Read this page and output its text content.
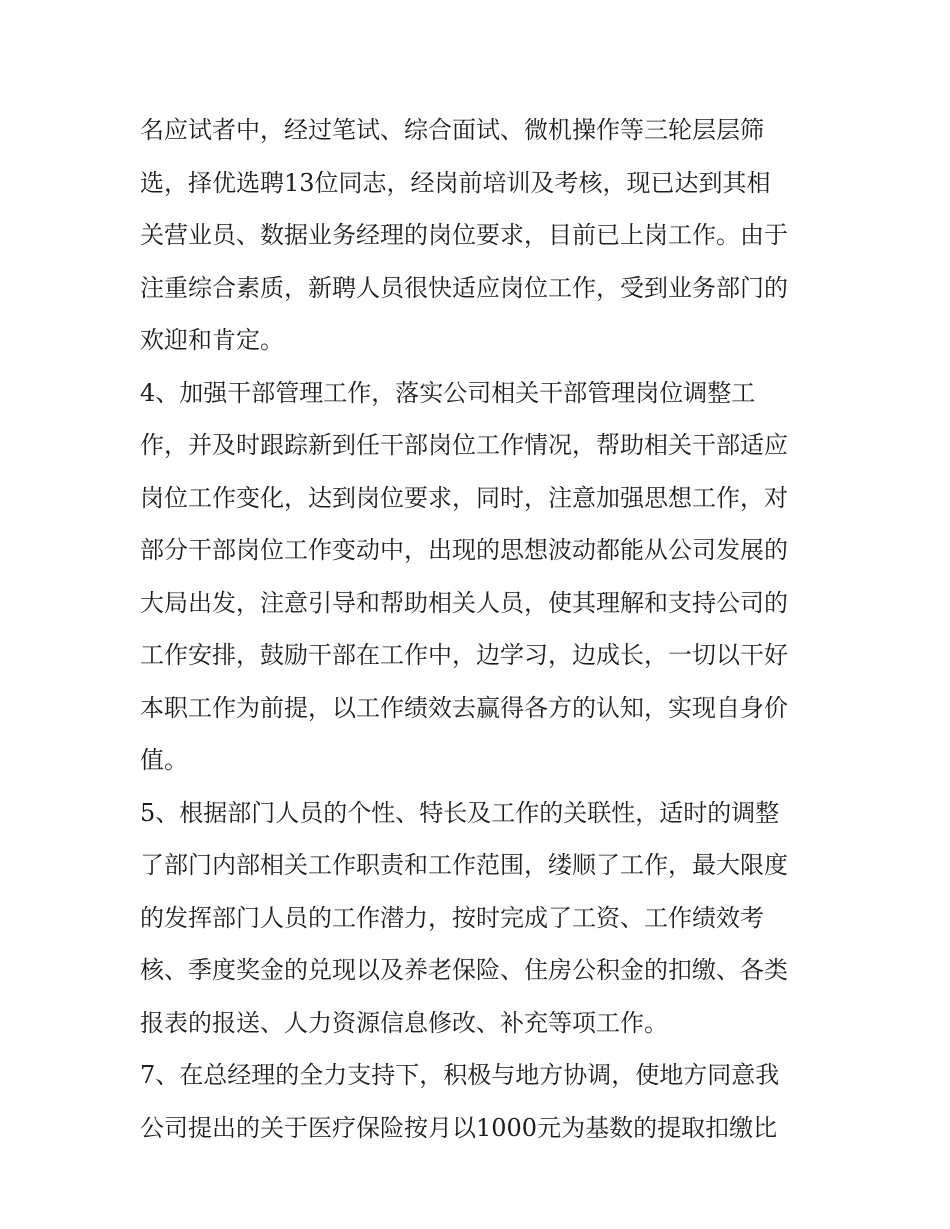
名应试者中，经过笔试、综合面试、微机操作等三轮层层筛
选，择优选聘13位同志，经岗前培训及考核，现已达到其相
关营业员、数据业务经理的岗位要求，目前已上岗工作。由于
注重综合素质，新聘人员很快适应岗位工作，受到业务部门的
欢迎和肯定。
4、加强干部管理工作，落实公司相关干部管理岗位调整工
作，并及时跟踪新到任干部岗位工作情况，帮助相关干部适应
岗位工作变化，达到岗位要求，同时，注意加强思想工作，对
部分干部岗位工作变动中，出现的思想波动都能从公司发展的
大局出发，注意引导和帮助相关人员，使其理解和支持公司的
工作安排，鼓励干部在工作中，边学习，边成长，一切以干好
本职工作为前提，以工作绩效去赢得各方的认知，实现自身价
值。
5、根据部门人员的个性、特长及工作的关联性，适时的调整
了部门内部相关工作职责和工作范围，缕顺了工作，最大限度
的发挥部门人员的工作潜力，按时完成了工资、工作绩效考
核、季度奖金的兑现以及养老保险、住房公积金的扣缴、各类
报表的报送、人力资源信息修改、补充等项工作。
7、在总经理的全力支持下，积极与地方协调，使地方同意我
公司提出的关于医疗保险按月以1000元为基数的提取扣缴比
